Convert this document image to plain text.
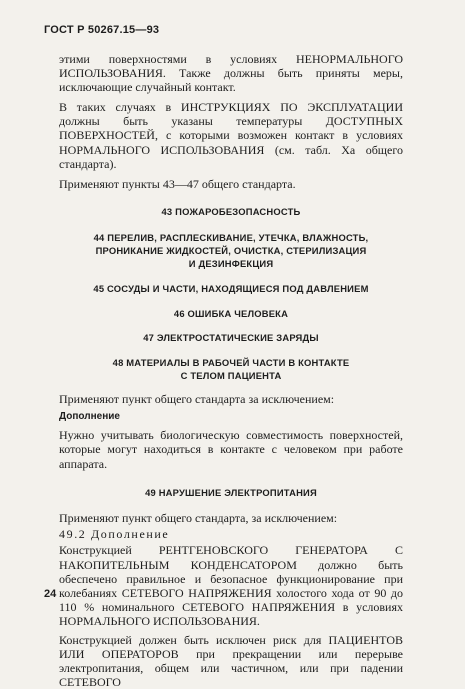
ГОСТ Р 50267.15—93

этими поверхностями в условиях НЕНОРМАЛЬНОГО ИСПОЛЬЗОВАНИЯ. Также должны быть приняты меры, исключающие случайный контакт.

В таких случаях в ИНСТРУКЦИЯХ ПО ЭКСПЛУАТАЦИИ должны быть указаны температуры ДОСТУПНЫХ ПОВЕРХНОСТЕЙ, с которыми возможен контакт в условиях НОРМАЛЬНОГО ИСПОЛЬЗОВАНИЯ (см. табл. Xa общего стандарта).

Применяют пункты 43—47 общего стандарта.

43 ПОЖАРОБЕЗОПАСНОСТЬ

44 ПЕРЕЛИВ, РАСПЛЕСКИВАНИЕ, УТЕЧКА, ВЛАЖНОСТЬ,

ПРОНИКАНИЕ ЖИДКОСТЕЙ, ОЧИСТКА, СТЕРИЛИЗАЦИЯ

И ДЕЗИНФЕКЦИЯ

45 СОСУДЫ И ЧАСТИ, НАХОДЯЩИЕСЯ ПОД ДАВЛЕНИЕМ

46 ОШИБКА ЧЕЛОВЕКА

47 ЭЛЕКТРОСТАТИЧЕСКИЕ ЗАРЯДЫ

48 МАТЕРИАЛЫ В РАБОЧЕЙ ЧАСТИ В КОНТАКТЕ

С ТЕЛОМ ПАЦИЕНТА

Применяют пункт общего стандарта за исключением:

Дополнение

Нужно учитывать биологическую совместимость поверхностей, которые могут находиться в контакте с человеком при работе аппарата.

49 НАРУШЕНИЕ ЭЛЕКТРОПИТАНИЯ

Применяют пункт общего стандарта, за исключением:

49.2 Дополнение

Конструкцией РЕНТГЕНОВСКОГО ГЕНЕРАТОРА С НАКОПИТЕЛЬНЫМ КОНДЕНСАТОРОМ должно быть обеспечено правильное и безопасное функционирование при колебаниях СЕТЕВОГО НАПРЯЖЕНИЯ холостого хода от 90 до 110 % номинального СЕТЕВОГО НАПРЯЖЕНИЯ в условиях НОРМАЛЬНОГО ИСПОЛЬЗОВАНИЯ.

Конструкцией должен быть исключен риск для ПАЦИЕНТОВ ИЛИ ОПЕРАТОРОВ при прекращении или перерыве электропитания, общем или частичном, или при падении СЕТЕВОГО

24
